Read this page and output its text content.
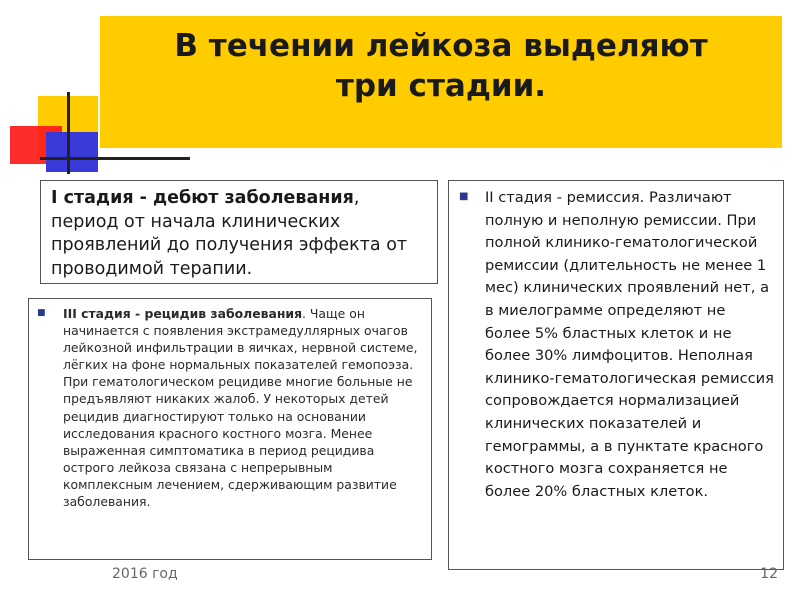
В течении лейкоза выделяют
три стадии.
I стадия - дебют заболевания, период от начала клинических проявлений до получения эффекта от проводимой терапии.
■	II стадия - ремиссия. Различают полную и неполную ремиссии. При полной клинико-гематологической ремиссии (длительность не менее 1 мес) клинических проявлений нет, а в миелограмме определяют не более 5% бластных клеток и не более 30% лимфоцитов. Неполная клинико-гематологическая ремиссия сопровождается нормализацией клинических показателей и гемограммы, а в пунктате красного костного мозга сохраняется не более 20% бластных клеток.
■	III стадия - рецидив заболевания. Чаще он начинается с появления экстрамедуллярных очагов лейкозной инфильтрации в яичках, нервной системе, лёгких на фоне нормальных показателей гемопоэза. При гематологическом рецидиве многие больные не предъявляют никаких жалоб. У некоторых детей рецидив диагностируют только на основании исследования красного костного мозга. Менее выраженная симптоматика в период рецидива острого лейкоза связана с непрерывным комплексным лечением, сдерживающим развитие заболевания.
2016 год	12
